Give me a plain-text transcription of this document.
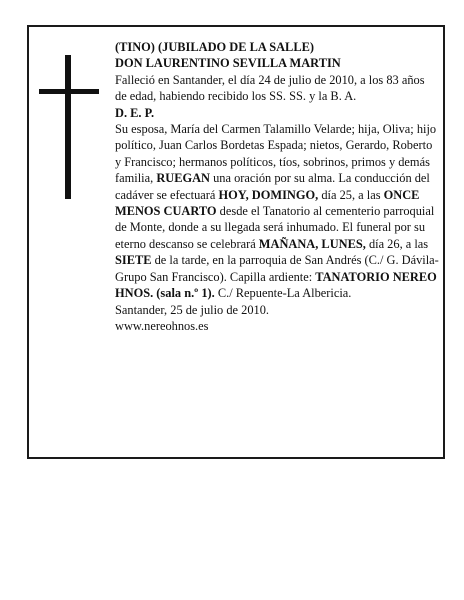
(TINO) (JUBILADO DE LA SALLE)

DON LAURENTINO SEVILLA MARTIN

Falleció en Santander, el día 24 de julio de 2010, a los 83 años

de edad, habiendo recibido los SS. SS. y la B. A.

D. E. P.

Su esposa, María del Carmen Talamillo Velarde; hija, Oliva; hijo político, Juan Carlos Bordetas Espada; nietos, Gerardo, Roberto y Francisco; hermanos políticos, tíos, sobrinos, primos y demás familia, RUEGAN una oración por su alma. La conducción del cadáver se efectuará HOY, DOMINGO, día 25, a las ONCE MENOS CUARTO desde el Tanatorio al cementerio parroquial de Monte, donde a su llegada será inhumado. El funeral por su eterno descanso se celebrará MAÑANA, LUNES, día 26, a las SIETE de la tarde, en la parroquia de San Andrés (C./ G. Dávila-Grupo San Francisco). Capilla ardiente: TANATORIO NEREO HNOS. (sala n.º 1). C./ Repuente-La Albericia.

Santander, 25 de julio de 2010.

www.nereohnos.es
